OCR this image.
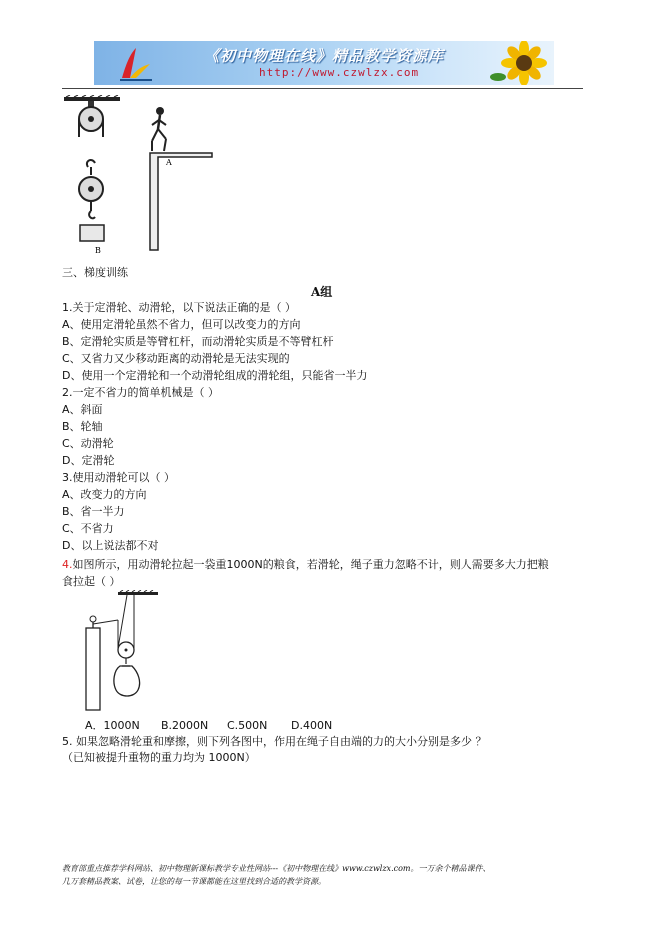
《初中物理在线》精品教学资源库
http://www.czwlzx.com
A
B
三、梯度训练
A组
1.关于定滑轮、动滑轮，以下说法正确的是（ ）
A、使用定滑轮虽然不省力，但可以改变力的方向
B、定滑轮实质是等臂杠杆，而动滑轮实质是不等臂杠杆
C、又省力又少移动距离的动滑轮是无法实现的
D、使用一个定滑轮和一个动滑轮组成的滑轮组，只能省一半力
2.一定不省力的简单机械是（ ）
A、斜面
B、轮轴
C、动滑轮
D、定滑轮
3.使用动滑轮可以（ ）
A、改变力的方向
B、省一半力
C、不省力
D、以上说法都不对
4.如图所示，用动滑轮拉起一袋重1000N的粮食，若滑轮，绳子重力忽略不计，则人需要多大力把粮
食拉起（ ）
A．1000N B.2000N C.500N D.400N
5. 如果忽略滑轮重和摩擦，则下列各图中，作用在绳子自由端的力的大小分别是多少 ？
（已知被提升重物的重力均为 1000N）
教育部重点推荐学科网站、初中物理新课标教学专业性网站---《初中物理在线》www.czwlzx.com。一万余个精品课件、
几万套精品教案、试卷，让您的每一节课都能在这里找到合适的教学资源。
